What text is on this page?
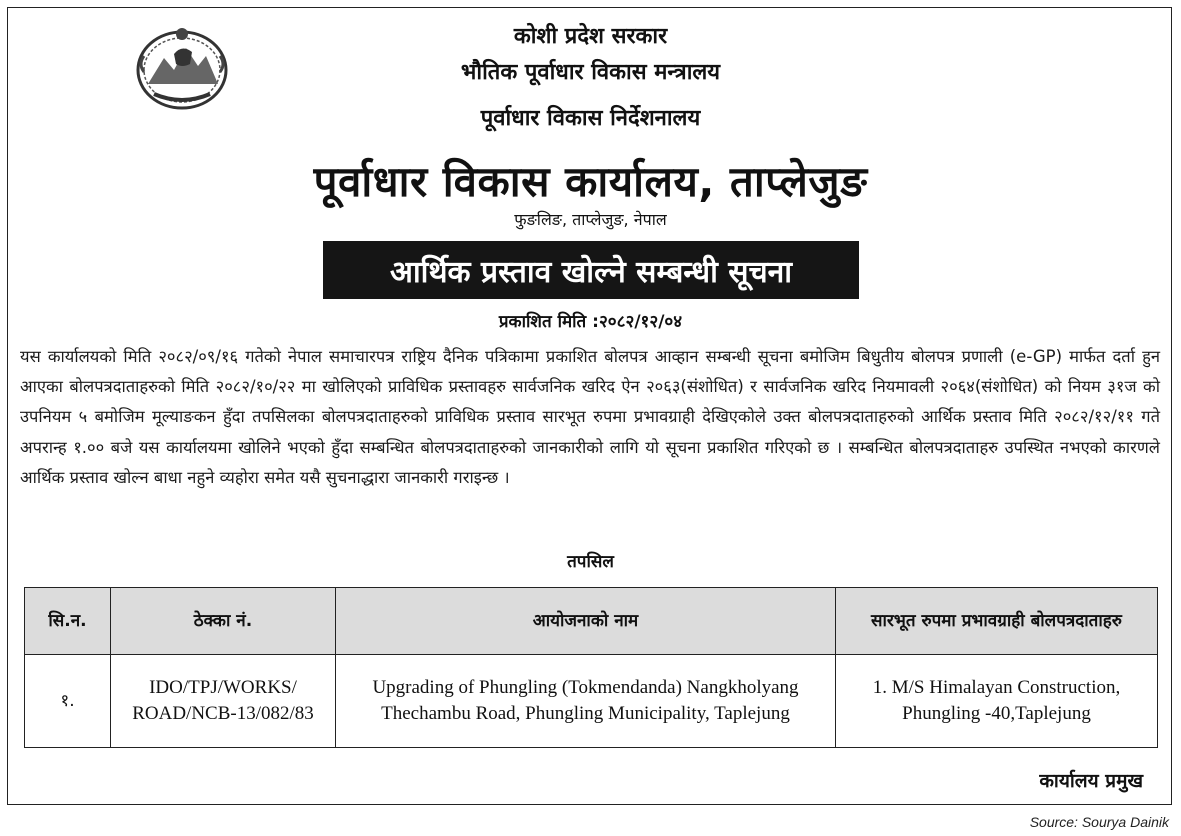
कोशी प्रदेश सरकार
भौतिक पूर्वाधार विकास मन्त्रालय
पूर्वाधार विकास निर्देशनालय
पूर्वाधार विकास कार्यालय, ताप्लेजुङ
फुङलिङ, ताप्लेजुङ, नेपाल
आर्थिक प्रस्ताव खोल्ने सम्बन्धी सूचना
प्रकाशित मिति :२०८२/१२/०४
यस कार्यालयको मिति २०८२/०९/१६ गतेको नेपाल समाचारपत्र राष्ट्रिय दैनिक पत्रिकामा प्रकाशित बोलपत्र आव्हान सम्बन्धी सूचना बमोजिम बिधुतीय बोलपत्र प्रणाली (e-GP) मार्फत दर्ता हुन आएका बोलपत्रदाताहरुको मिति २०८२/१०/२२ मा खोलिएको प्राविधिक प्रस्तावहरु सार्वजनिक खरिद ऐन २०६३(संशोधित) र सार्वजनिक खरिद नियमावली २०६४(संशोधित) को नियम ३१ज को उपनियम ५ बमोजिम मूल्याङकन हुँदा तपसिलका बोलपत्रदाताहरुको प्राविधिक प्रस्ताव सारभूत रुपमा प्रभावग्राही देखिएकोले उक्त बोलपत्रदाताहरुको आर्थिक प्रस्ताव मिति २०८२/१२/११ गते अपरान्ह १.०० बजे यस कार्यालयमा खोलिने भएको हुँदा सम्बन्धित बोलपत्रदाताहरुको जानकारीको लागि यो सूचना प्रकाशित गरिएको छ । सम्बन्धित बोलपत्रदाताहरु उपस्थित नभएको कारणले आर्थिक प्रस्ताव खोल्न बाधा नहुने व्यहोरा समेत यसै सुचनाद्धारा जानकारी गराइन्छ ।
तपसिल
सि.न.	ठेक्का नं.	आयोजनाको नाम	सारभूत रुपमा प्रभावग्राही बोलपत्रदाताहरु
१.	IDO/TPJ/WORKS/ ROAD/NCB-13/082/83	Upgrading of Phungling (Tokmendanda) Nangkholyang Thechambu Road, Phungling Municipality, Taplejung	1. M/S Himalayan Construction, Phungling -40,Taplejung
कार्यालय प्रमुख
Source: Sourya Dainik
